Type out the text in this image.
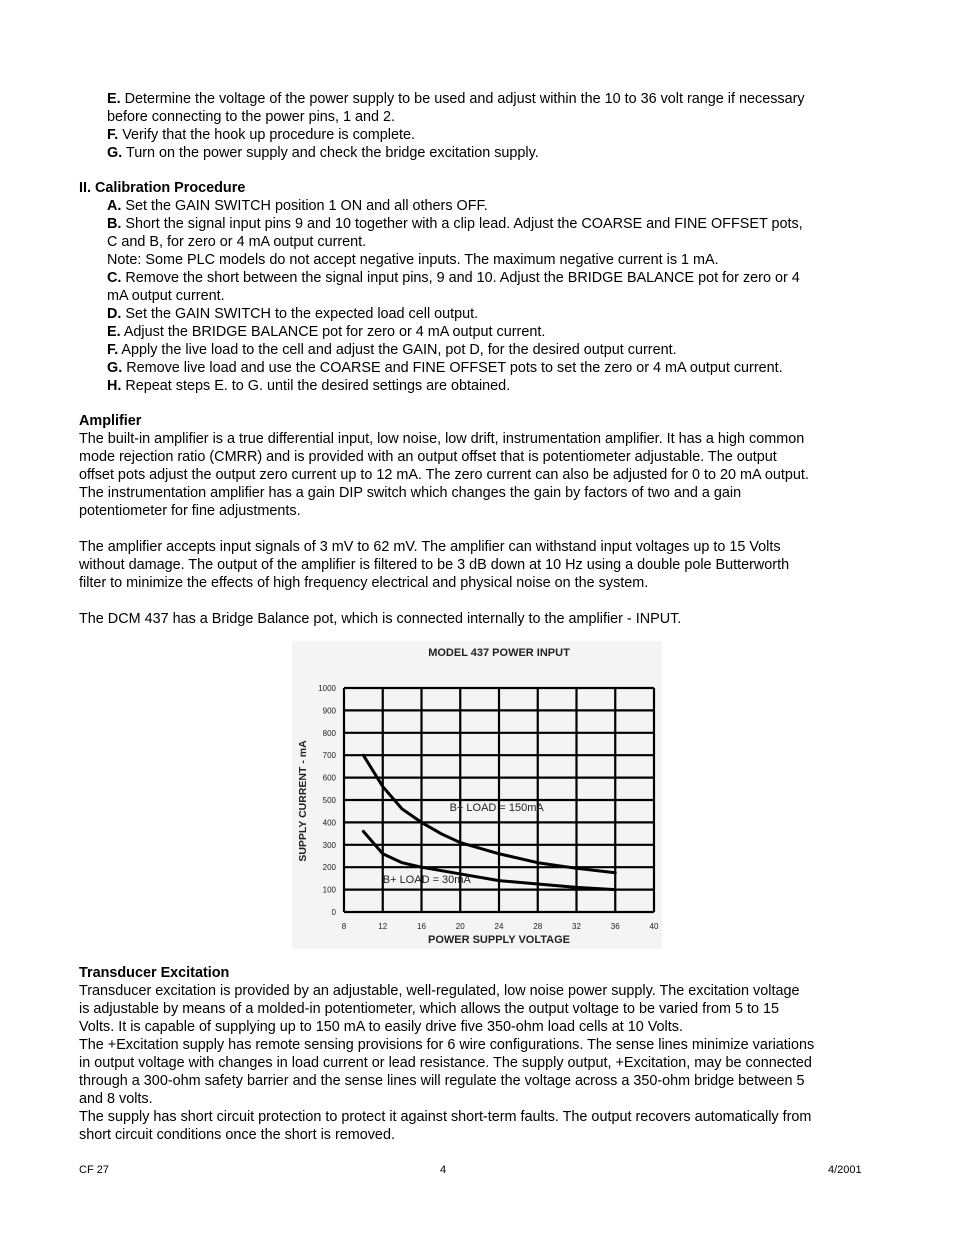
E. Determine the voltage of the power supply to be used and adjust within the 10 to 36 volt range if necessary
before connecting to the power pins, 1 and 2.
F. Verify that the hook up procedure is complete.
G. Turn on the power supply and check the bridge excitation supply.
II. Calibration Procedure
A. Set the GAIN SWITCH position 1 ON and all others OFF.
B. Short the signal input pins 9 and 10 together with a clip lead. Adjust the COARSE and FINE OFFSET pots,
C and B, for zero or 4 mA output current.
Note: Some PLC models do not accept negative inputs. The maximum negative current is 1 mA.
C. Remove the short between the signal input pins, 9 and 10. Adjust the BRIDGE BALANCE pot for zero or 4
mA output current.
D. Set the GAIN SWITCH to the expected load cell output.
E. Adjust the BRIDGE BALANCE pot for zero or 4 mA output current.
F. Apply the live load to the cell and adjust the GAIN, pot D, for the desired output current.
G. Remove live load and use the COARSE and FINE OFFSET pots to set the zero or 4 mA output current.
H. Repeat steps E. to G. until the desired settings are obtained.
Amplifier
The built-in amplifier is a true differential input, low noise, low drift, instrumentation amplifier. It has a high common
mode rejection ratio (CMRR) and is provided with an output offset that is potentiometer adjustable. The output
offset pots adjust the output zero current up to 12 mA. The zero current can also be adjusted for 0 to 20 mA output.
The instrumentation amplifier has a gain DIP switch which changes the gain by factors of two and a gain
potentiometer for fine adjustments.
The amplifier accepts input signals of 3 mV to 62 mV. The amplifier can withstand input voltages up to 15 Volts
without damage. The output of the amplifier is filtered to be 3 dB down at 10 Hz using a double pole Butterworth
filter to minimize the effects of high frequency electrical and physical noise on the system.
The DCM 437 has a Bridge Balance pot, which is connected internally to the amplifier - INPUT.
MODEL 437 POWER INPUT
0
100
200
300
400
500
600
700
800
900
1000
8	12	16	20	24	28	32	36	40
B+ LOAD = 150mA
B+ LOAD = 30mA
SUPPLY CURRENT - mA
POWER SUPPLY VOLTAGE
Transducer Excitation
Transducer excitation is provided by an adjustable, well-regulated, low noise power supply. The excitation voltage
is adjustable by means of a molded-in potentiometer, which allows the output voltage to be varied from 5 to 15
Volts. It is capable of supplying up to 150 mA to easily drive five 350-ohm load cells at 10 Volts.
The +Excitation supply has remote sensing provisions for 6 wire configurations. The sense lines minimize variations
in output voltage with changes in load current or lead resistance. The supply output, +Excitation, may be connected
through a 300-ohm safety barrier and the sense lines will regulate the voltage across a 350-ohm bridge between 5
and 8 volts.
The supply has short circuit protection to protect it against short-term faults. The output recovers automatically from
short circuit conditions once the short is removed.
CF 27	4	4/2001
